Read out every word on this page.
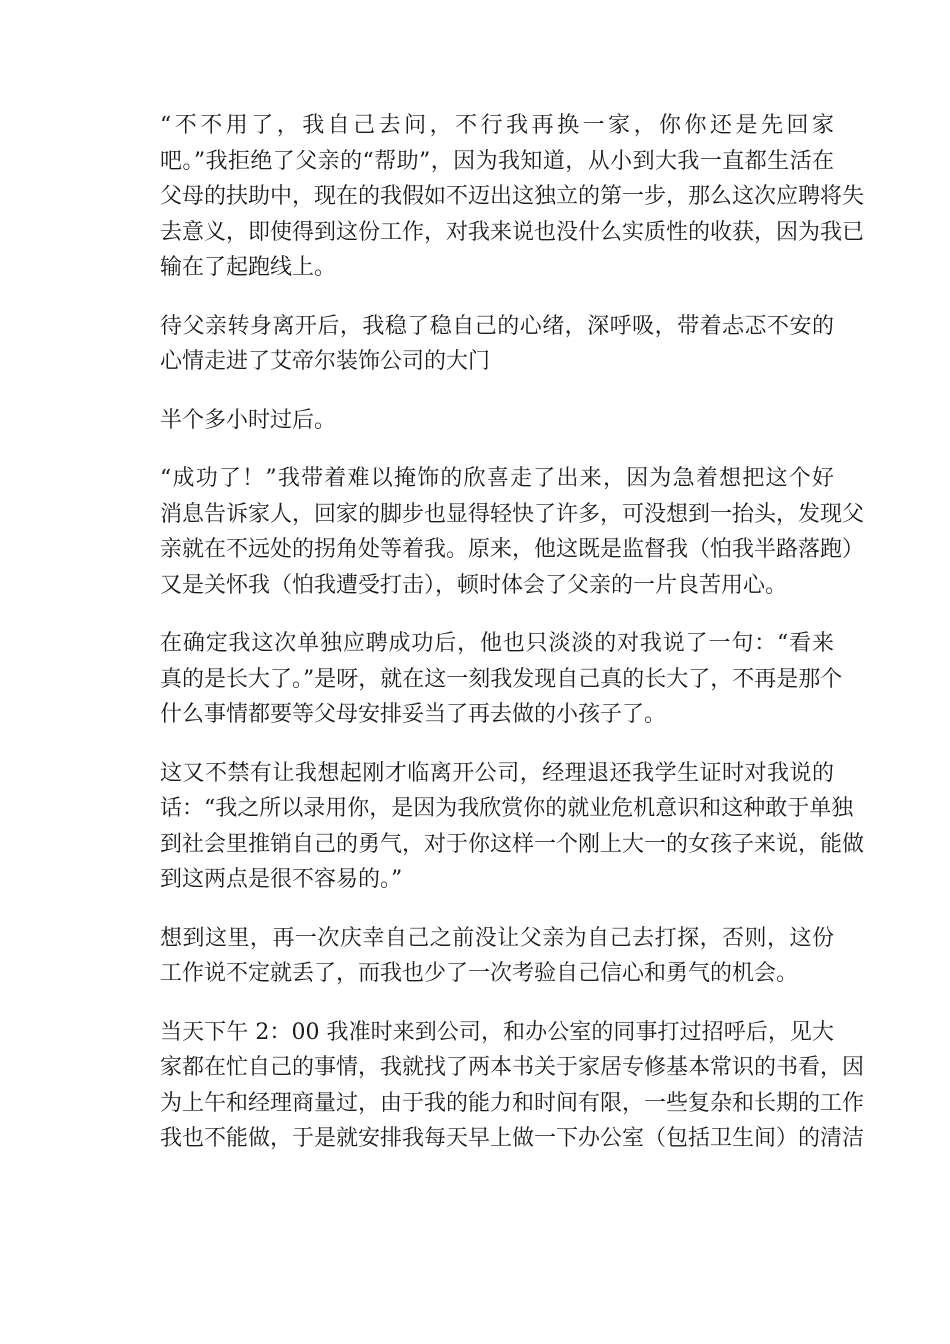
“不不用了，我自己去问，不行我再换一家，你你还是先回家
吧。”我拒绝了父亲的“帮助”，因为我知道，从小到大我一直都生活在
父母的扶助中，现在的我假如不迈出这独立的第一步，那么这次应聘将失
去意义，即使得到这份工作，对我来说也没什么实质性的收获，因为我已
输在了起跑线上。
待父亲转身离开后，我稳了稳自己的心绪，深呼吸，带着忐忑不安的
心情走进了艾帝尔装饰公司的大门
半个多小时过后。
“成功了！”我带着难以掩饰的欣喜走了出来，因为急着想把这个好
消息告诉家人，回家的脚步也显得轻快了许多，可没想到一抬头，发现父
亲就在不远处的拐角处等着我。原来，他这既是监督我（怕我半路落跑）
又是关怀我（怕我遭受打击），顿时体会了父亲的一片良苦用心。
在确定我这次单独应聘成功后，他也只淡淡的对我说了一句：“看来
真的是长大了。”是呀，就在这一刻我发现自己真的长大了，不再是那个
什么事情都要等父母安排妥当了再去做的小孩子了。
这又不禁有让我想起刚才临离开公司，经理退还我学生证时对我说的
话：“我之所以录用你，是因为我欣赏你的就业危机意识和这种敢于单独
到社会里推销自己的勇气，对于你这样一个刚上大一的女孩子来说，能做
到这两点是很不容易的。”
想到这里，再一次庆幸自己之前没让父亲为自己去打探，否则，这份
工作说不定就丢了，而我也少了一次考验自己信心和勇气的机会。
当天下午 2：00 我准时来到公司，和办公室的同事打过招呼后，见大
家都在忙自己的事情，我就找了两本书关于家居专修基本常识的书看，因
为上午和经理商量过，由于我的能力和时间有限，一些复杂和长期的工作
我也不能做，于是就安排我每天早上做一下办公室（包括卫生间）的清洁
